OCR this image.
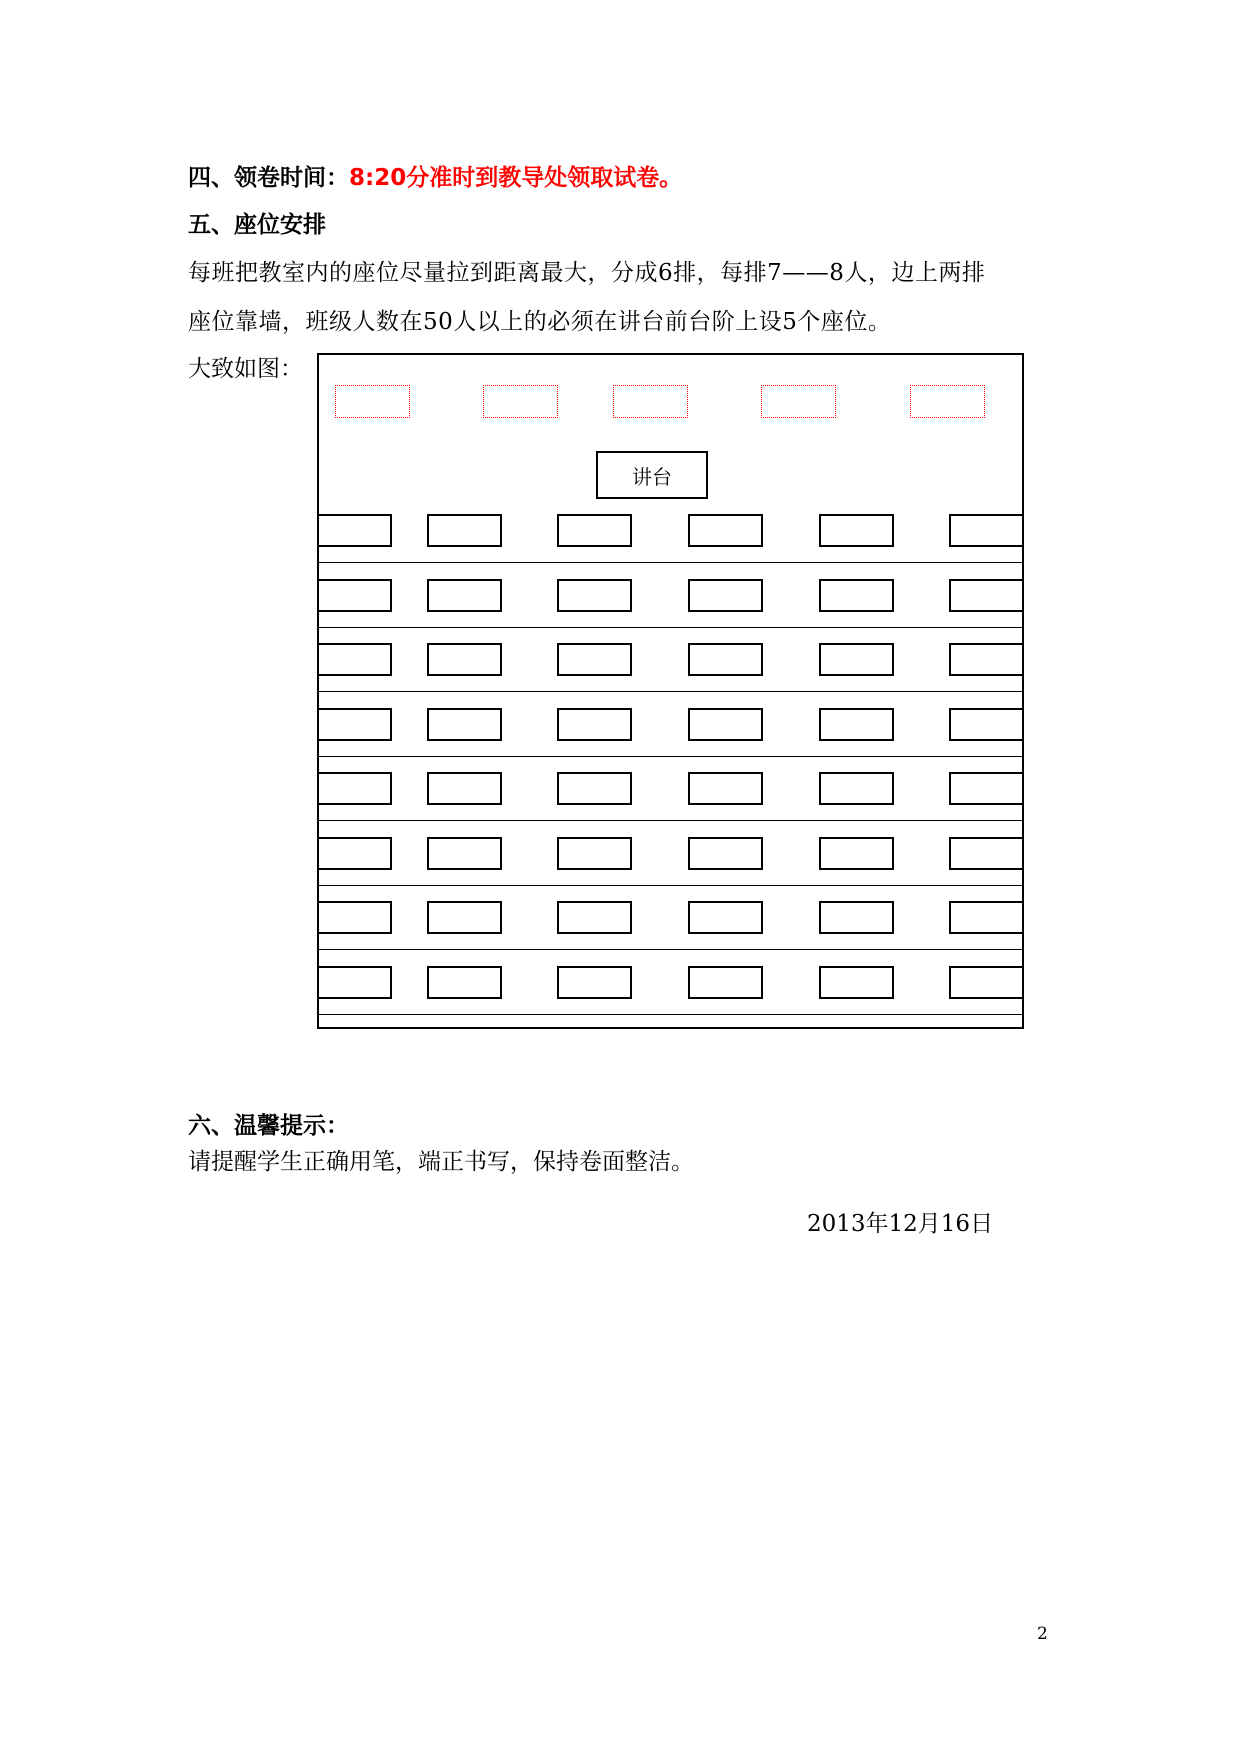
四、领卷时间：8:20分准时到教导处领取试卷。
五、座位安排
每班把教室内的座位尽量拉到距离最大，分成6排，每排7——8人，边上两排
座位靠墙，班级人数在50人以上的必须在讲台前台阶上设5个座位。
大致如图：
讲台
六、温馨提示：
请提醒学生正确用笔，端正书写，保持卷面整洁。
2013年12月16日
2
